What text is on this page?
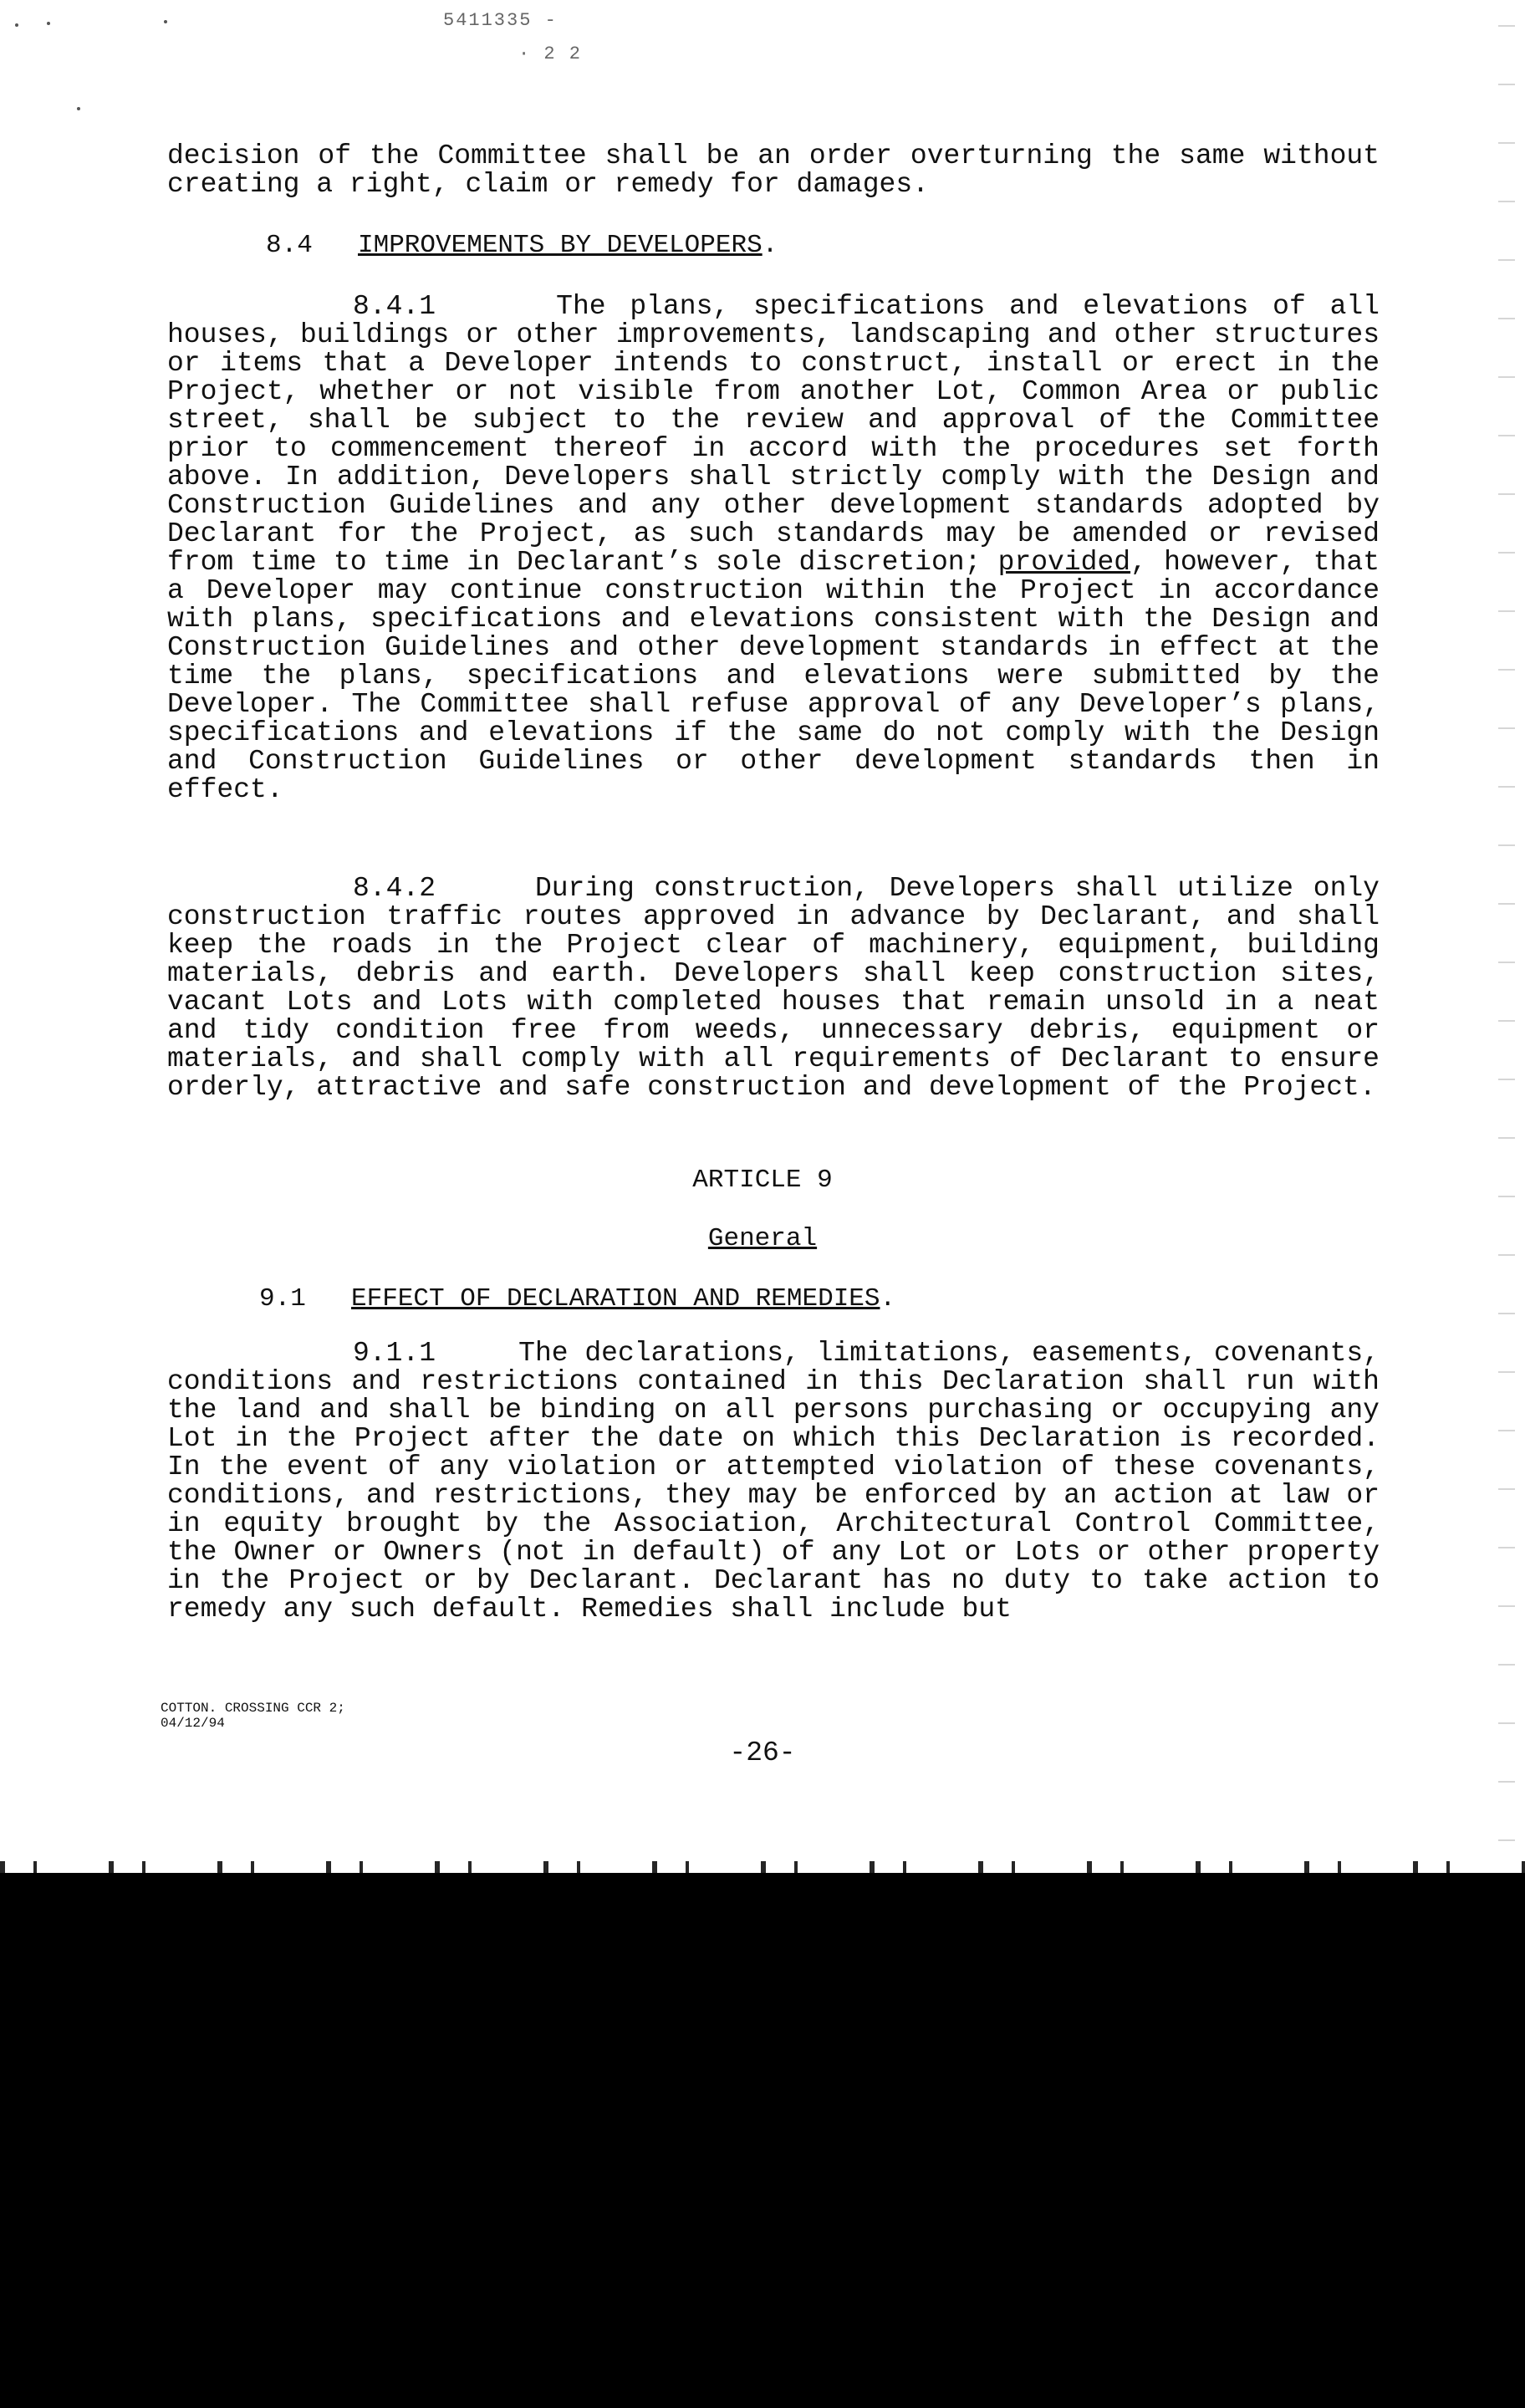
5411335 -
· 2 2

decision of the Committee shall be an order overturning the same without creating a right, claim or remedy for damages.

8.4 IMPROVEMENTS BY DEVELOPERS.

8.4.1	The plans, specifications and elevations of all houses, buildings or other improvements, landscaping and other structures or items that a Developer intends to construct, install or erect in the Project, whether or not visible from another Lot, Common Area or public street, shall be subject to the review and approval of the Committee prior to commencement thereof in accord with the procedures set forth above. In addition, Developers shall strictly comply with the Design and Construction Guidelines and any other development standards adopted by Declarant for the Project, as such standards may be amended or revised from time to time in Declarant’s sole discretion; provided, however, that a Developer may continue construction within the Project in accordance with plans, specifications and elevations consistent with the Design and Construction Guidelines and other development standards in effect at the time the plans, specifications and elevations were submitted by the Developer. The Committee shall refuse approval of any Developer’s plans, specifications and elevations if the same do not comply with the Design and Construction Guidelines or other development standards then in effect.

8.4.2	During construction, Developers shall utilize only construction traffic routes approved in advance by Declarant, and shall keep the roads in the Project clear of machinery, equipment, building materials, debris and earth. Developers shall keep construction sites, vacant Lots and Lots with completed houses that remain unsold in a neat and tidy condition free from weeds, unnecessary debris, equipment or materials, and shall comply with all requirements of Declarant to ensure orderly, attractive and safe construction and development of the Project.

ARTICLE 9
General
9.1 EFFECT OF DECLARATION AND REMEDIES.

9.1.1	The declarations, limitations, easements, covenants, conditions and restrictions contained in this Declaration shall run with the land and shall be binding on all persons purchasing or occupying any Lot in the Project after the date on which this Declaration is recorded. In the event of any violation or attempted violation of these covenants, conditions, and restrictions, they may be enforced by an action at law or in equity brought by the Association, Architectural Control Committee, the Owner or Owners (not in default) of any Lot or Lots or other property in the Project or by Declarant. Declarant has no duty to take action to remedy any such default. Remedies shall include but

COTTON. CROSSING CCR 2;
04/12/94
-26-
